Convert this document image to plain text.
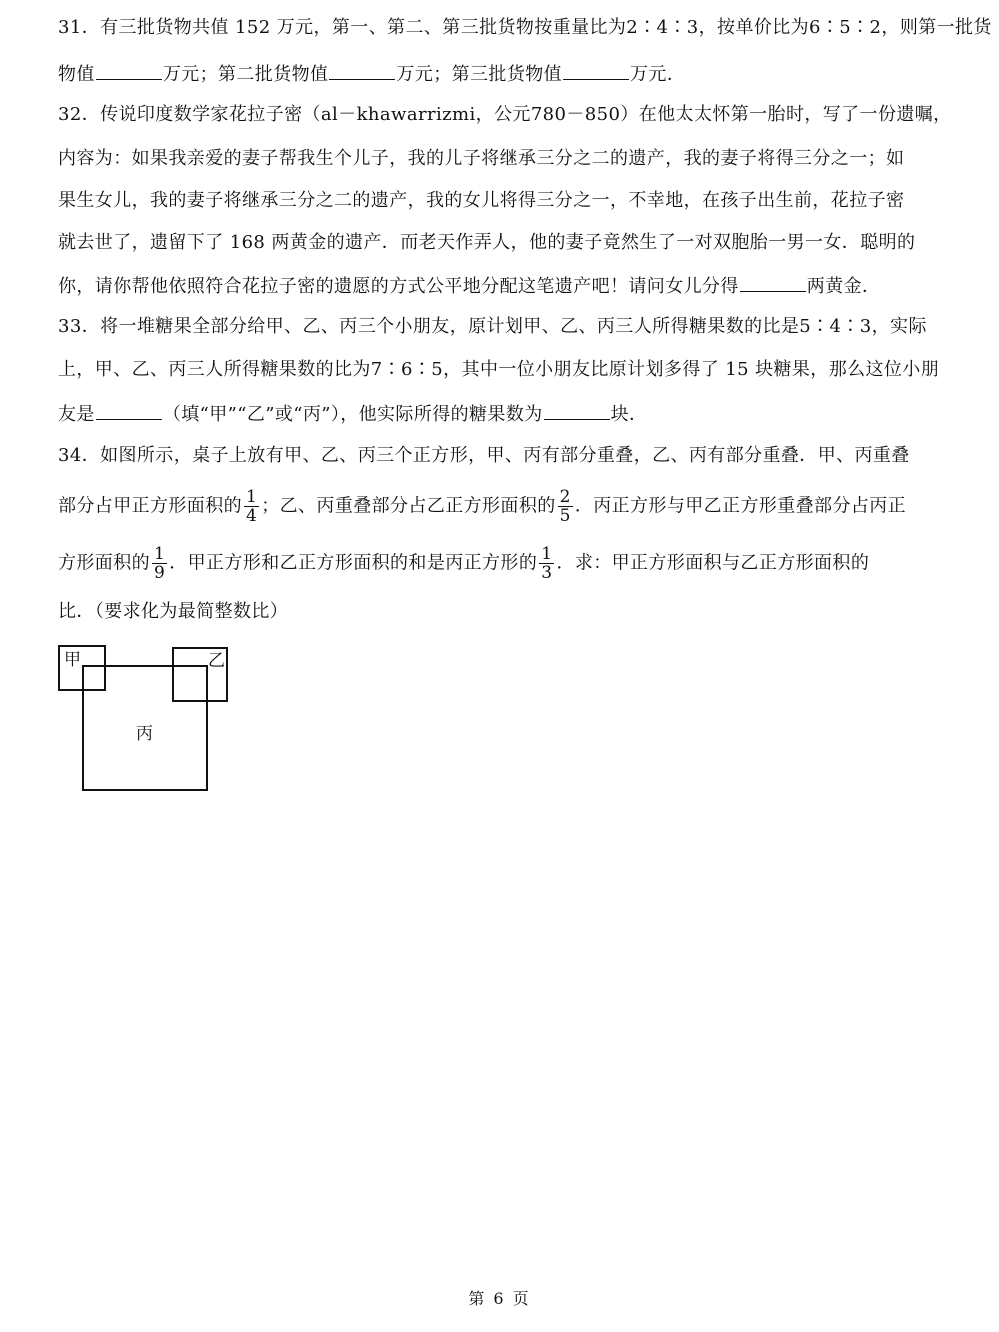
31．有三批货物共值 152 万元，第一、第二、第三批货物按重量比为2∶4∶3，按单价比为6∶5∶2，则第一批货
物值	万元；第二批货物值	万元；第三批货物值	万元．
32．传说印度数学家花拉子密（al－khawarrizmi，公元780－850）在他太太怀第一胎时，写了一份遗嘱，
内容为：如果我亲爱的妻子帮我生个儿子，我的儿子将继承三分之二的遗产，我的妻子将得三分之一；如
果生女儿，我的妻子将继承三分之二的遗产，我的女儿将得三分之一，不幸地，在孩子出生前，花拉子密
就去世了，遗留下了 168 两黄金的遗产．而老天作弄人，他的妻子竟然生了一对双胞胎一男一女．聪明的
你，请你帮他依照符合花拉子密的遗愿的方式公平地分配这笔遗产吧！请问女儿分得	两黄金．
33．将一堆糖果全部分给甲、乙、丙三个小朋友，原计划甲、乙、丙三人所得糖果数的比是5∶4∶3，实际
上，甲、乙、丙三人所得糖果数的比为7∶6∶5，其中一位小朋友比原计划多得了 15 块糖果，那么这位小朋
友是	（填“甲”“乙”或“丙”），他实际所得的糖果数为	块．
34．如图所示，桌子上放有甲、乙、丙三个正方形，甲、丙有部分重叠，乙、丙有部分重叠．甲、丙重叠
部分占甲正方形面积的 $\frac{1}{4}$ ；乙、丙重叠部分占乙正方形面积的 $\frac{2}{5}$ ．丙正方形与甲乙正方形重叠部分占丙正
方形面积的 $\frac{1}{9}$ ．甲正方形和乙正方形面积的和是丙正方形的 $\frac{1}{3}$ ．求：甲正方形面积与乙正方形面积的
比．（要求化为最简整数比）
甲	乙
丙
第 6 页
